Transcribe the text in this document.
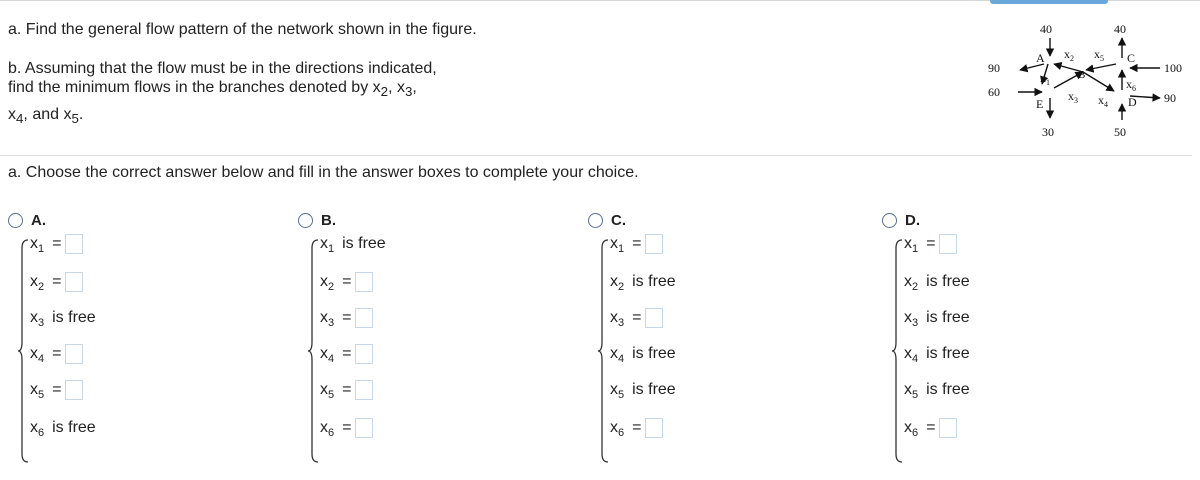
a. Find the general flow pattern of the network shown in the figure.

b. Assuming that the flow must be in the directions indicated,

find the minimum flows in the branches denoted by $x_2$, $x_3$,

$x_4$, and $x_5$.

40	40
90
60
100
90
30	50
A
B
C
D
E
$x_1$
$x_2$
$x_3$ $x_4$
$x_5$
$x_6$
a. Choose the correct answer below and fill in the answer boxes to complete your choice.
A.
$x_1$ =
$x_2$ =
$x_3$ is free
$x_4$ =
$x_5$ =
$x_6$ is free
B.
$x_1$ is free
$x_2$ =
$x_3$ =
$x_4$ =
$x_5$ =
$x_6$ =
C.
$x_1$ =
$x_2$ is free
$x_3$ =
$x_4$ is free
$x_5$ is free
$x_6$ =
D.
$x_1$ =
$x_2$ is free
$x_3$ is free
$x_4$ is free
$x_5$ is free
$x_6$ =
